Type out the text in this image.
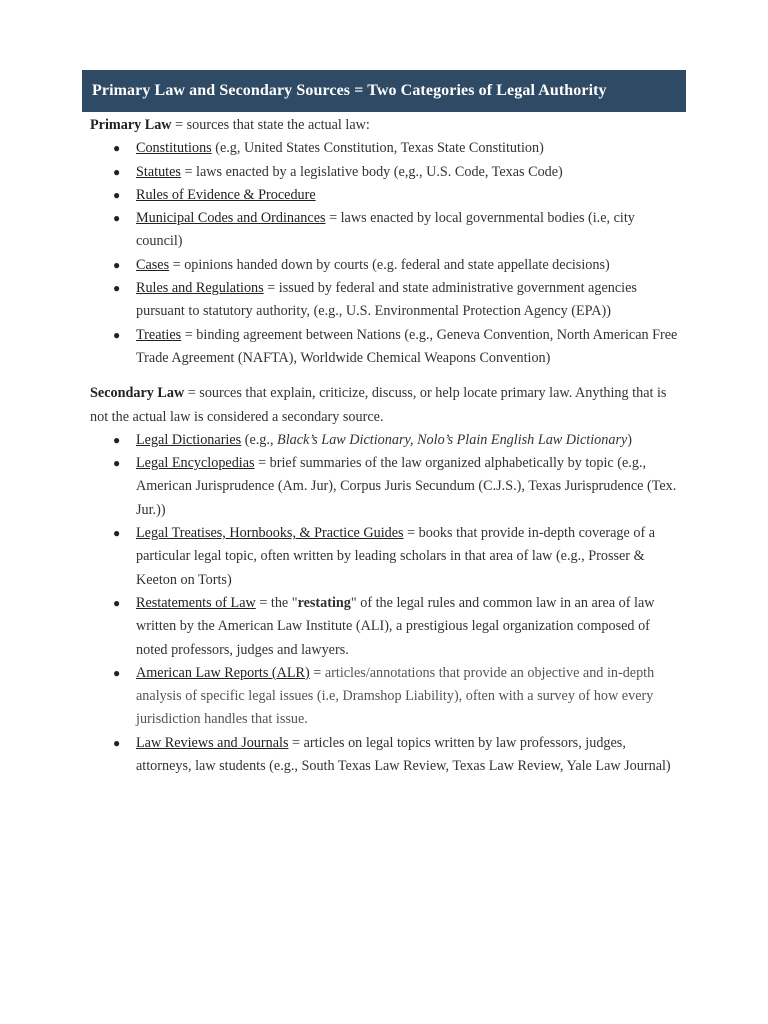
Primary Law and Secondary Sources = Two Categories of Legal Authority

Primary Law = sources that state the actual law:

● Constitutions (e.g, United States Constitution, Texas State Constitution)
● Statutes = laws enacted by a legislative body (e,g., U.S. Code, Texas Code)
● Rules of Evidence & Procedure
● Municipal Codes and Ordinances = laws enacted by local governmental bodies (i.e, city council)
● Cases = opinions handed down by courts (e.g. federal and state appellate decisions)
● Rules and Regulations = issued by federal and state administrative government agencies pursuant to statutory authority, (e.g., U.S. Environmental Protection Agency (EPA))
● Treaties = binding agreement between Nations (e.g., Geneva Convention, North American Free Trade Agreement (NAFTA), Worldwide Chemical Weapons Convention)

Secondary Law = sources that explain, criticize, discuss, or help locate primary law. Anything that is not the actual law is considered a secondary source.

● Legal Dictionaries (e.g., Black’s Law Dictionary, Nolo’s Plain English Law Dictionary)
● Legal Encyclopedias = brief summaries of the law organized alphabetically by topic (e.g., American Jurisprudence (Am. Jur), Corpus Juris Secundum (C.J.S.), Texas Jurisprudence (Tex. Jur.))
● Legal Treatises, Hornbooks, & Practice Guides = books that provide in-depth coverage of a particular legal topic, often written by leading scholars in that area of law (e.g., Prosser & Keeton on Torts)
● Restatements of Law = the "restating" of the legal rules and common law in an area of law written by the American Law Institute (ALI), a prestigious legal organization composed of noted professors, judges and lawyers.
● American Law Reports (ALR) = articles/annotations that provide an objective and in-depth analysis of specific legal issues (i.e, Dramshop Liability), often with a survey of how every jurisdiction handles that issue.
● Law Reviews and Journals = articles on legal topics written by law professors, judges, attorneys, law students (e.g., South Texas Law Review, Texas Law Review, Yale Law Journal)
